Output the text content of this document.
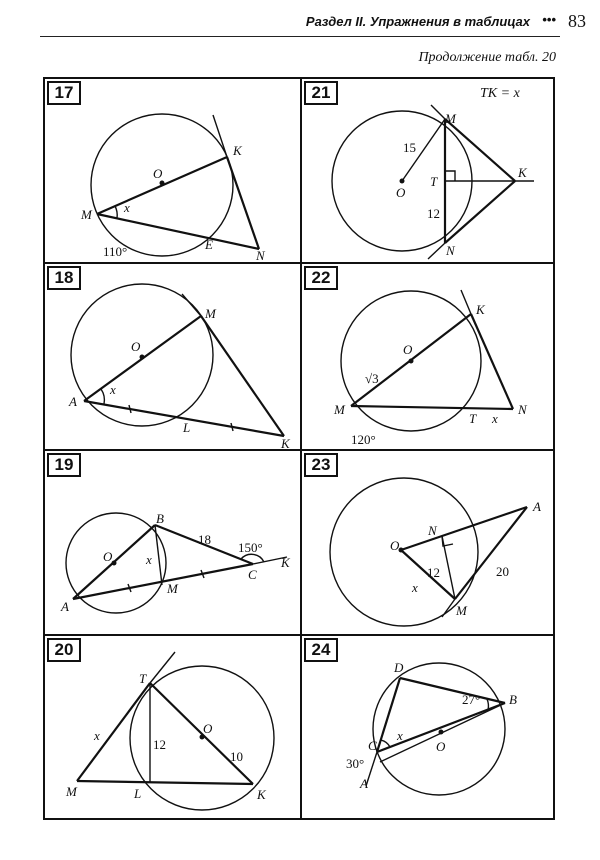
Раздел II. Упражнения в таблицах ••• 83
Продолжение табл. 20
17
K
O
M x
E
N
110°
21	TK = x
M
15
O
T
K
12
N
18
M
O
A
x
L
K
22
K
O
√3
M
T x
N
120°
19
B
O	x
M
A
C
K
18
150°
23
A
N
O
12
x
20
M
20
T
x	O
12
10
M	L	K
24
D
27° B
C
x
O
30°
A
